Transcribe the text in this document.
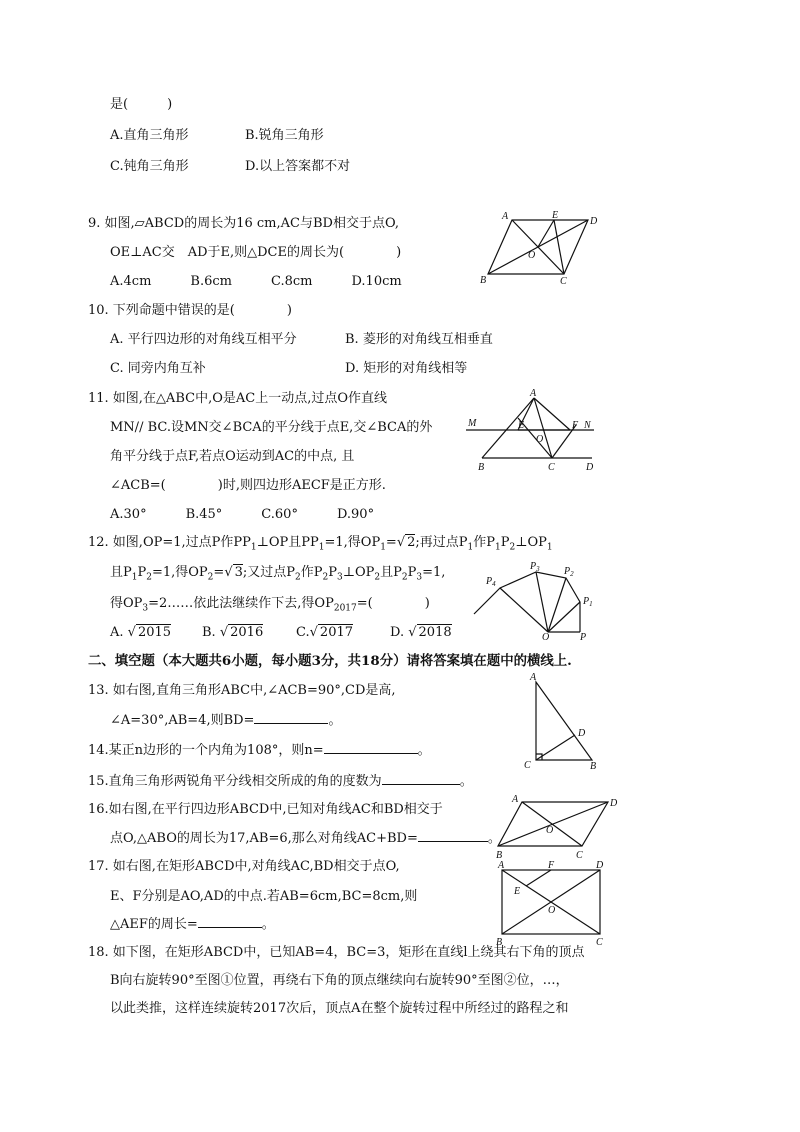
是(　　　)
A.直角三角形	B.锐角三角形
C.钝角三角形	D.以上答案都不对
9. 如图,▱ABCD的周长为16 cm,AC与BD相交于点O,
OE⊥AC交　AD于E,则△DCE的周长为(　　　　)
A.4cm　　　B.6cm　　　C.8cm　　　D.10cm
A	E
D
O
B	C
10. 下列命题中错误的是(　　　　)
A. 平行四边形的对角线互相平分	B. 菱形的对角线互相垂直
C. 同旁内角互补	D. 矩形的对角线相等
11. 如图,在△ABC中,O是AC上一动点,过点O作直线
MN// BC.设MN交∠BCA的平分线于点E,交∠BCA的外
角平分线于点F,若点O运动到AC的中点, 且
∠ACB=(　　　　)时,则四边形AECF是正方形.
A.30°　　　B.45°　　　C.60°　　　D.90°
A
M	E	F N
O
B	C	D
12. 如图,OP=1,过点P作$PP_1\perp OP$且$PP_1=1$,得$OP_1=√$ 2;再过点$P_1$作$P_1P_2\perp OP_1$
且$P_1P_2=1$,得$OP_2=√$ 3;又过点$P_2$作$P_2P_3\perp OP_2$且$P_2P_3=1$,
得$OP_3=2\dots\dots$依此法继续作下去,得$OP_{2017}=$(　　　　)
A. √ 2015 B. √ 2016	C.√ 2017	D. √ 2018
$P_4$
$P_3$ $P_2$
$P_1$
O	P
二、填空题（本大题共6小题，每小题3分，共18分）请将答案填在题中的横线上.
13. 如右图,直角三角形ABC中,∠ACB=90°,CD是高,
∠A=30°,AB=4,则BD=	。
A
D
C	B
14.某正n边形的一个内角为108°，则n=	。
15.直角三角形两锐角平分线相交所成的角的度数为	。
16.如右图,在平行四边形ABCD中,已知对角线AC和BD相交于
点O,△ABO的周长为17,AB=6,那么对角线AC+BD=	。
A	D
O
B	C
17. 如右图,在矩形ABCD中,对角线AC,BD相交于点O,
E、F分别是AO,AD的中点.若AB=6cm,BC=8cm,则
△AEF的周长=	。
A	F	D
E
O
B	C
18. 如下图，在矩形ABCD中，已知AB=4，BC=3，矩形在直线l上绕其右下角的顶点
B向右旋转90°至图①位置，再绕右下角的顶点继续向右旋转90°至图②位，…，
以此类推，这样连续旋转2017次后，顶点A在整个旋转过程中所经过的路程之和
